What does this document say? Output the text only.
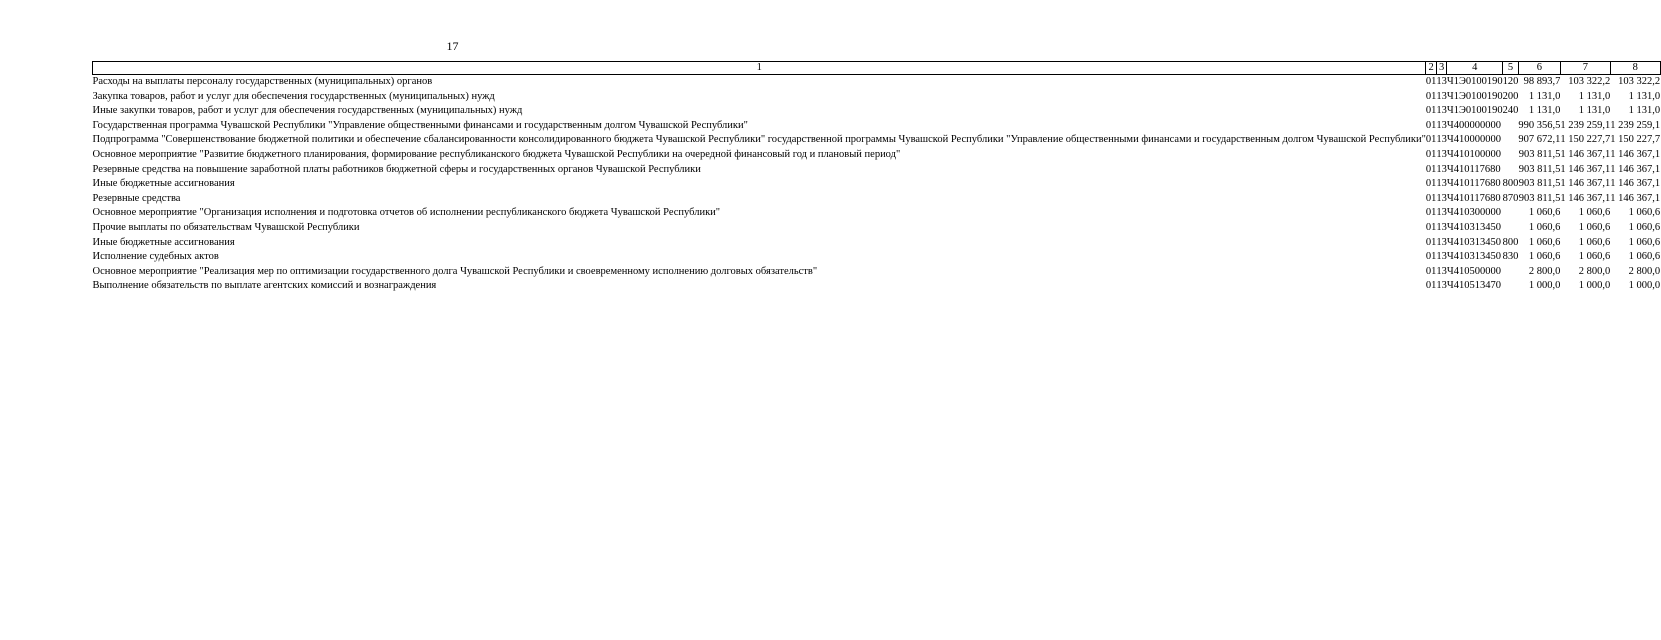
17
1	2	3	4	5	6	7	8
Расходы на выплаты персоналу государственных (муниципальных) органов	01	13	Ч1Э0100190	120	98 893,7	103 322,2	103 322,2
Закупка товаров, работ и услуг для обеспечения государственных (муниципальных) нужд	01	13	Ч1Э0100190	200	1 131,0	1 131,0	1 131,0
Иные закупки товаров, работ и услуг для обеспечения государственных (муниципальных) нужд	01	13	Ч1Э0100190	240	1 131,0	1 131,0	1 131,0
Государственная программа Чувашской Республики "Управление общественными финансами и государственным долгом Чувашской Республики"	01	13	Ч400000000		990 356,5	1 239 259,1	1 239 259,1
Подпрограмма "Совершенствование бюджетной политики и обеспечение сбалансированности консолидированного бюджета Чувашской Республики" государственной программы Чувашской Республики "Управление общественными финансами и государственным долгом Чувашской Республики"	01	13	Ч410000000		907 672,1	1 150 227,7	1 150 227,7
Основное мероприятие "Развитие бюджетного планирования, формирование республиканского бюджета Чувашской Республики на очередной финансовый год и плановый период"	01	13	Ч410100000		903 811,5	1 146 367,1	1 146 367,1
Резервные средства на повышение заработной платы работников бюджетной сферы и государственных органов Чувашской Республики	01	13	Ч410117680		903 811,5	1 146 367,1	1 146 367,1
Иные бюджетные ассигнования	01	13	Ч410117680	800	903 811,5	1 146 367,1	1 146 367,1
Резервные средства	01	13	Ч410117680	870	903 811,5	1 146 367,1	1 146 367,1
Основное мероприятие "Организация исполнения и подготовка отчетов об исполнении республиканского бюджета Чувашской Республики"	01	13	Ч410300000		1 060,6	1 060,6	1 060,6
Прочие выплаты по обязательствам Чувашской Республики	01	13	Ч410313450		1 060,6	1 060,6	1 060,6
Иные бюджетные ассигнования	01	13	Ч410313450	800	1 060,6	1 060,6	1 060,6
Исполнение судебных актов	01	13	Ч410313450	830	1 060,6	1 060,6	1 060,6
Основное мероприятие "Реализация мер по оптимизации государственного долга Чувашской Республики и своевременному исполнению долговых обязательств"	01	13	Ч410500000		2 800,0	2 800,0	2 800,0
Выполнение обязательств по выплате агентских комиссий и вознаграждения	01	13	Ч410513470		1 000,0	1 000,0	1 000,0
